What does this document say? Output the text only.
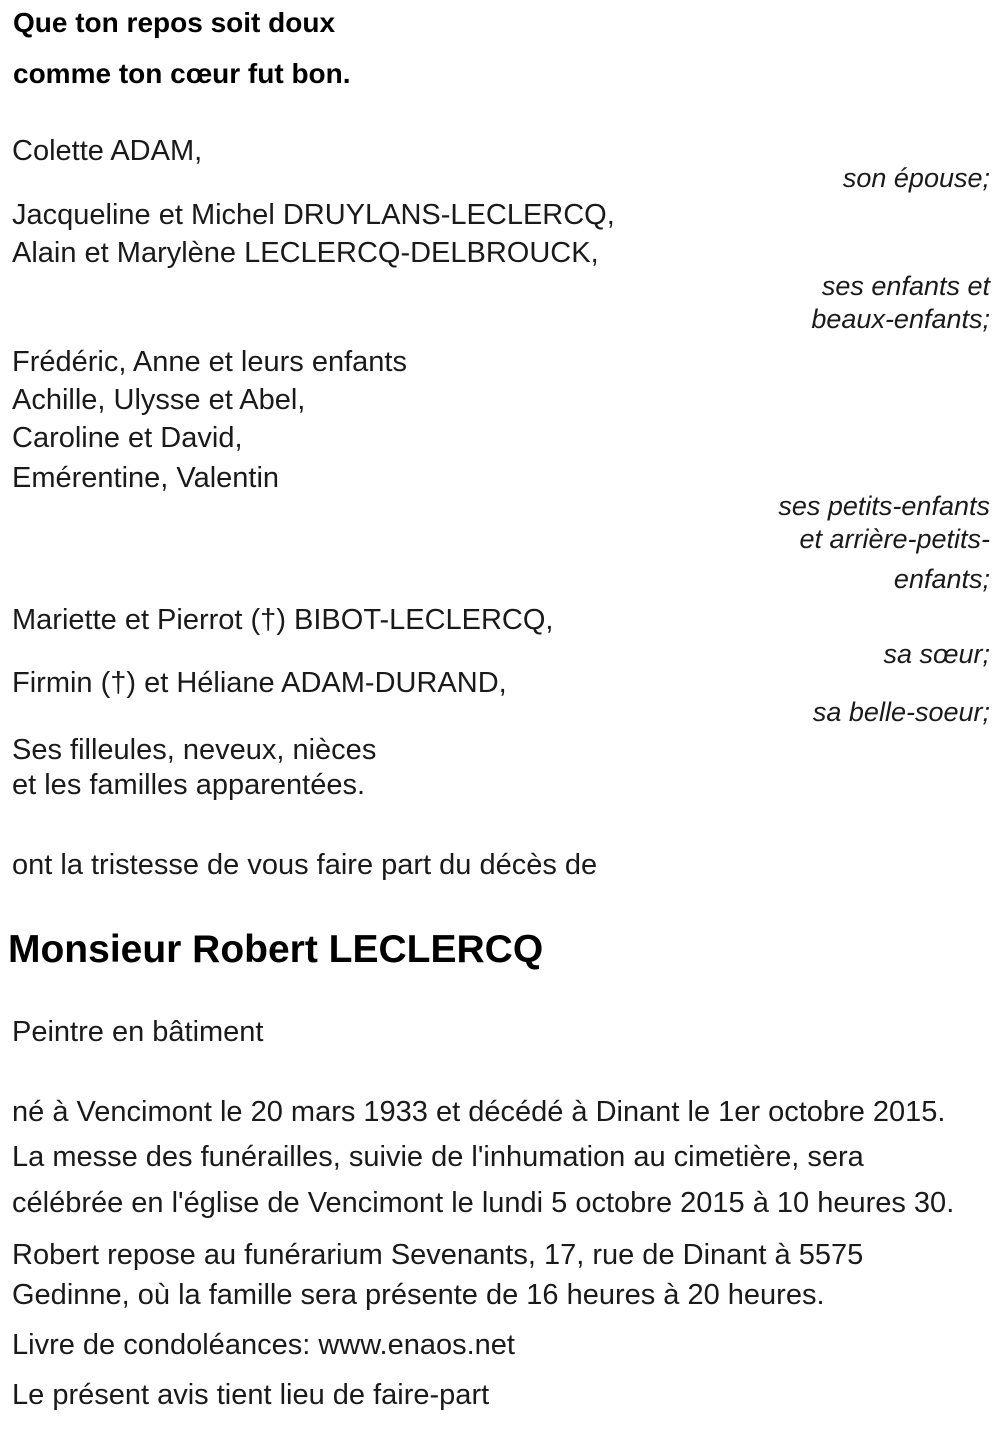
Que ton repos soit doux
comme ton cœur fut bon.
Colette ADAM,
son épouse;
Jacqueline et Michel DRUYLANS-LECLERCQ,
Alain et Marylène LECLERCQ-DELBROUCK,
ses enfants et
beaux-enfants;
Frédéric, Anne et leurs enfants
Achille, Ulysse et Abel,
Caroline et David,
Emérentine, Valentin
ses petits-enfants
et arrière-petits-
enfants;
Mariette et Pierrot (†) BIBOT-LECLERCQ,
sa sœur;
Firmin (†) et Héliane ADAM-DURAND,
sa belle-soeur;
Ses filleules, neveux, nièces
et les familles apparentées.
ont la tristesse de vous faire part du décès de
Monsieur Robert LECLERCQ
Peintre en bâtiment
né à Vencimont le 20 mars 1933 et décédé à Dinant le 1er octobre 2015.
La messe des funérailles, suivie de l'inhumation au cimetière, sera
célébrée en l'église de Vencimont le lundi 5 octobre 2015 à 10 heures 30.
Robert repose au funérarium Sevenants, 17, rue de Dinant à 5575
Gedinne, où la famille sera présente de 16 heures à 20 heures.
Livre de condoléances: www.enaos.net
Le présent avis tient lieu de faire-part
